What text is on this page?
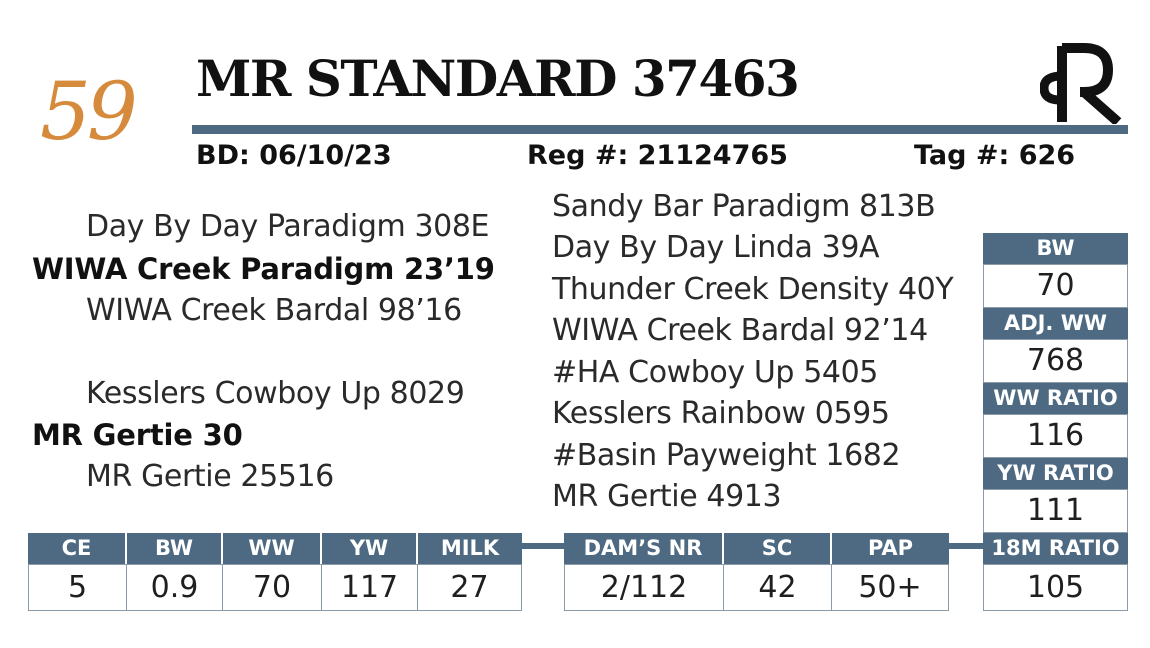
59	MR STANDARD 37463
BD: 06/10/23	Reg #: 21124765	Tag #: 626
Day By Day Paradigm 308E
WIWA Creek Paradigm 23’19
WIWA Creek Bardal 98’16
Kesslers Cowboy Up 8029
MR Gertie 30
MR Gertie 25516
Sandy Bar Paradigm 813B
Day By Day Linda 39A
Thunder Creek Density 40Y
WIWA Creek Bardal 92’14
#HA Cowboy Up 5405
Kesslers Rainbow 0595
#Basin Payweight 1682
MR Gertie 4913
BW
70
ADJ. WW
768
WW RATIO
116
YW RATIO
111
18M RATIO
105
CE	BW	WW	YW	MILK
5	0.9	70	117	27
DAM’S NR	SC	PAP
2/112	42	50+
